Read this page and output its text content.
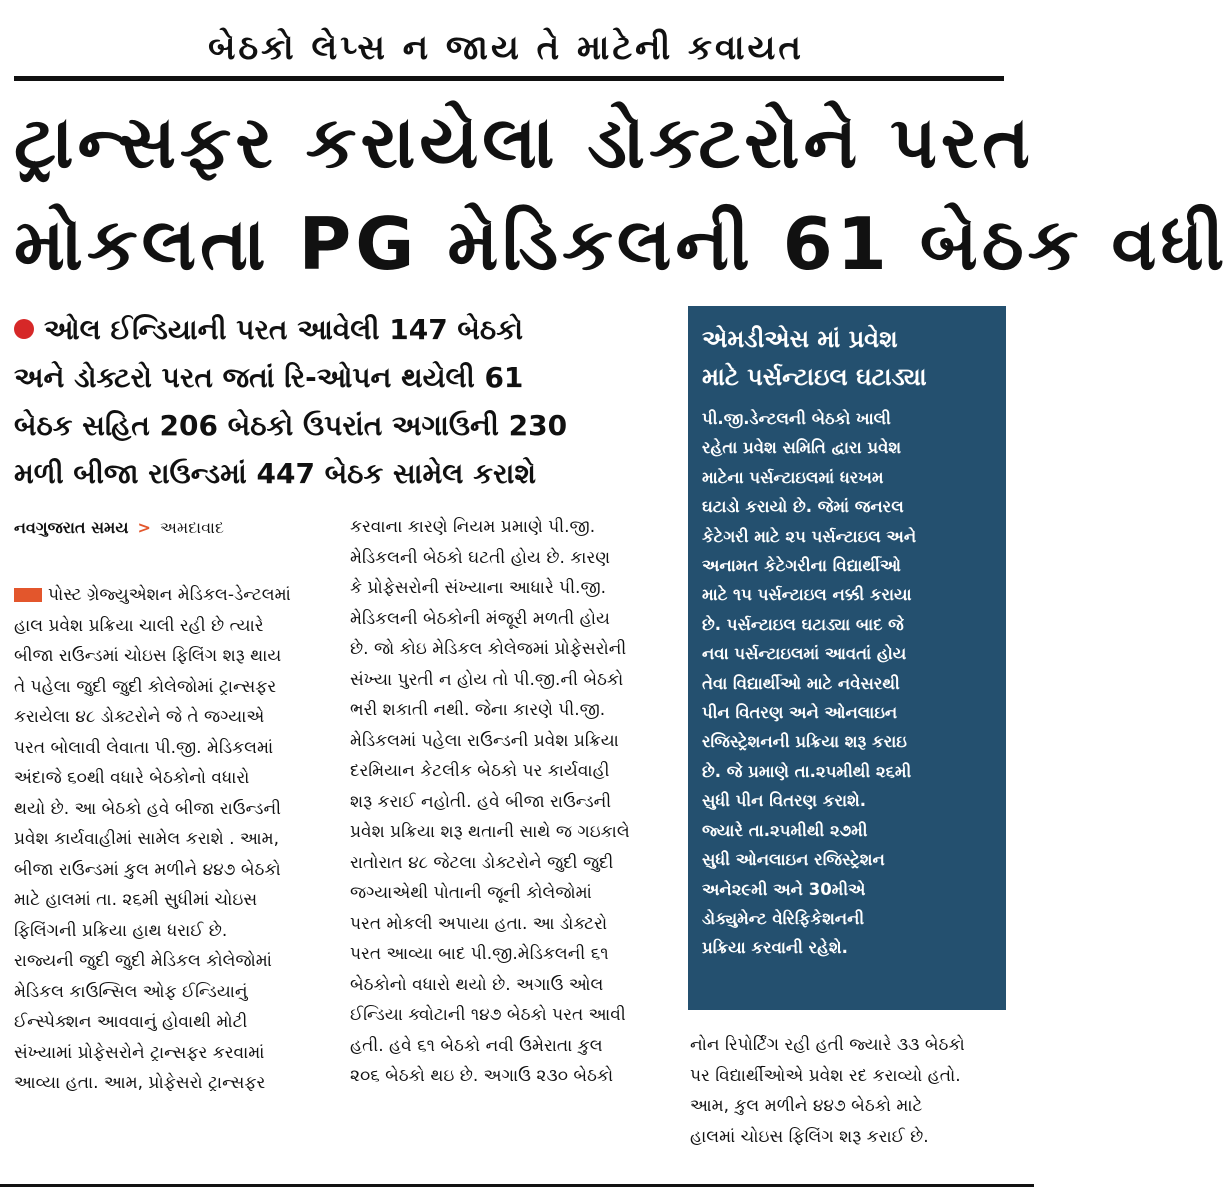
બેઠકો લેપ્સ ન જાય તે માટેની કવાયત
ટ્રાન્સફર કરાયેલા ડોક્ટરોને પરત
મોકલતા PG મેડિકલની 61 બેઠક વધી
ઓલ ઈન્ડિયાની પરત આવેલી 147 બેઠકો
અને ડોક્ટરો પરત જતાં રિ-ઓપન થયેલી 61
બેઠક સહિત 206 બેઠકો ઉપરાંત અગાઉની 230
મળી બીજા રાઉન્ડમાં 447 બેઠક સામેલ કરાશે
નવગુજરાત સમય > અમદાવાદ
પોસ્ટ ગ્રેજ્યુએશન મેડિકલ-ડેન્ટલમાં
હાલ પ્રવેશ પ્રક્રિયા ચાલી રહી છે ત્યારે
બીજા રાઉન્ડમાં ચોઇસ ફિલિંગ શરૂ થાય
તે પહેલા જુદી જુદી કોલેજોમાં ટ્રાન્સફર
કરાયેલા ૪૮ ડોક્ટરોને જે તે જગ્યાએ
પરત બોલાવી લેવાતા પી.જી. મેડિકલમાં
અંદાજે ૬૦થી વધારે બેઠકોનો વધારો
થયો છે. આ બેઠકો હવે બીજા રાઉન્ડની
પ્રવેશ કાર્યવાહીમાં સામેલ કરાશે . આમ,
બીજા રાઉન્ડમાં કુલ મળીને ૪૪૭ બેઠકો
માટે હાલમાં તા. ૨૬મી સુધીમાં ચોઇસ
ફિલિંગની પ્રક્રિયા હાથ ધરાઈ છે.
રાજ્યની જુદી જુદી મેડિકલ કોલેજોમાં
મેડિકલ કાઉન્સિલ ઓફ ઈન્ડિયાનું
ઈન્સ્પેક્શન આવવાનું હોવાથી મોટી
સંખ્યામાં પ્રોફેસરોને ટ્રાન્સફર કરવામાં
આવ્યા હતા. આમ, પ્રોફેસરો ટ્રાન્સફર
કરવાના કારણે નિયમ પ્રમાણે પી.જી.
મેડિકલની બેઠકો ઘટતી હોય છે. કારણ
કે પ્રોફેસરોની સંખ્યાના આધારે પી.જી.
મેડિકલની બેઠકોની મંજૂરી મળતી હોય
છે. જો કોઇ મેડિકલ કોલેજમાં પ્રોફેસરોની
સંખ્યા પુરતી ન હોય તો પી.જી.ની બેઠકો
ભરી શકાતી નથી. જેના કારણે પી.જી.
મેડિકલમાં પહેલા રાઉન્ડની પ્રવેશ પ્રક્રિયા
દરમિયાન કેટલીક બેઠકો પર કાર્યવાહી
શરૂ કરાઈ નહોતી. હવે બીજા રાઉન્ડની
પ્રવેશ પ્રક્રિયા શરૂ થતાની સાથે જ ગઇકાલે
રાતોરાત ૪૮ જેટલા ડોક્ટરોને જુદી જુદી
જગ્યાએથી પોતાની જૂની કોલેજોમાં
પરત મોકલી અપાયા હતા. આ ડોક્ટરો
પરત આવ્યા બાદ પી.જી.મેડિકલની ૬૧
બેઠકોનો વધારો થયો છે. અગાઉ ઓલ
ઈન્ડિયા ક્વોટાની ૧૪૭ બેઠકો પરત આવી
હતી. હવે ૬૧ બેઠકો નવી ઉમેરાતા કુલ
૨૦૬ બેઠકો થઇ છે. અગાઉ ૨૩૦ બેઠકો
એમડીએસ માં પ્રવેશ
માટે પર્સન્ટાઇલ ઘટાડ્યા
પી.જી.ડેન્ટલની બેઠકો ખાલી
રહેતા પ્રવેશ સમિતિ દ્વારા પ્રવેશ
માટેના પર્સન્ટાઇલમાં ધરખમ
ઘટાડો કરાયો છે. જેમાં જનરલ
કેટેગરી માટે ૨૫ પર્સન્ટાઇલ અને
અનામત કેટેગરીના વિદ્યાર્થીઓ
માટે ૧૫ પર્સન્ટાઇલ નક્કી કરાયા
છે. પર્સન્ટાઇલ ઘટાડ્યા બાદ જે
નવા પર્સન્ટાઇલમાં આવતાં હોય
તેવા વિદ્યાર્થીઓ માટે નવેસરથી
પીન વિતરણ અને ઓનલાઇન
રજિસ્ટ્રેશનની પ્રક્રિયા શરૂ કરાઇ
છે. જે પ્રમાણે તા.૨૫મીથી ૨૬મી
સુધી પીન વિતરણ કરાશે.
જ્યારે તા.૨૫મીથી ૨૭મી
સુધી ઓનલાઇન રજિસ્ટ્રેશન
અને૨૯મી અને 30મીએ
ડોક્યુમેન્ટ વેરિફિકેશનની
પ્રક્રિયા કરવાની રહેશે.
નોન રિપોર્ટિંગ રહી હતી જ્યારે ૩૩ બેઠકો
પર વિદ્યાર્થીઓએ પ્રવેશ રદ કરાવ્યો હતો.
આમ, કુલ મળીને ૪૪૭ બેઠકો માટે
હાલમાં ચોઇસ ફિલિંગ શરૂ કરાઈ છે.
